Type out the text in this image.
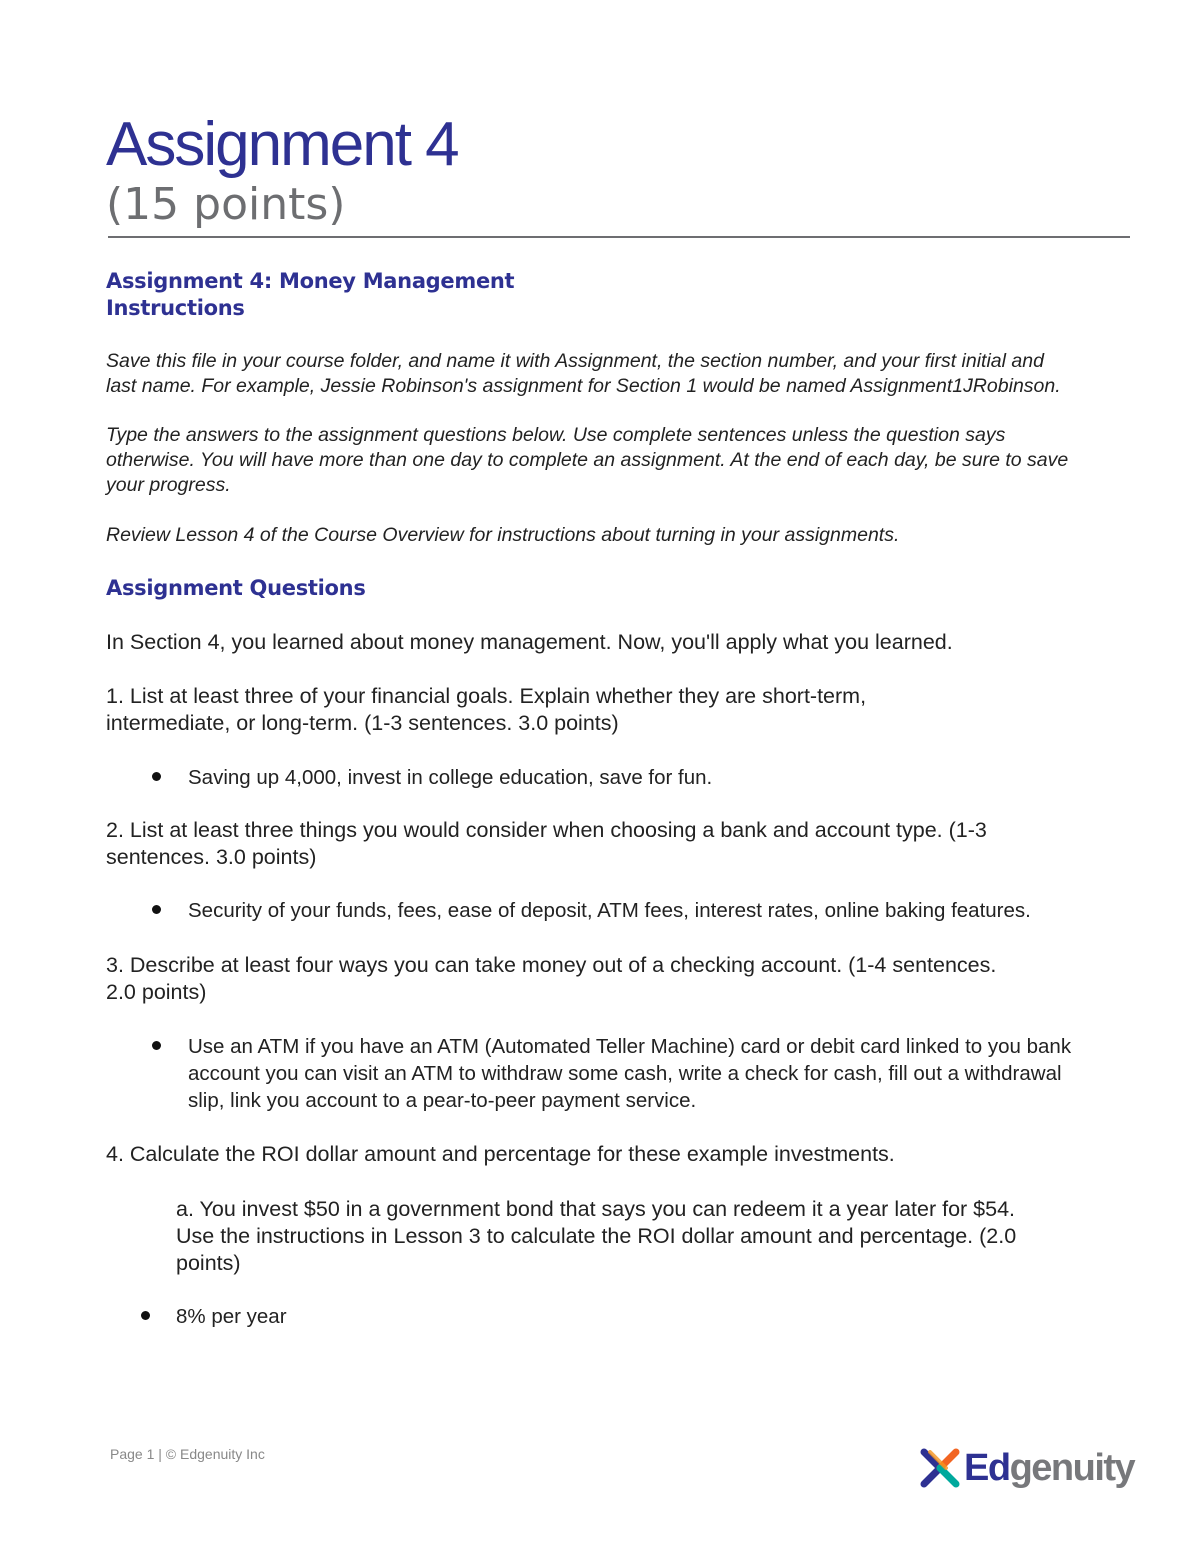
Assignment 4
(15 points)
Assignment 4: Money Management
Instructions
Save this file in your course folder, and name it with Assignment, the section number, and your first initial and last name. For example, Jessie Robinson's assignment for Section 1 would be named Assignment1JRobinson.
Type the answers to the assignment questions below. Use complete sentences unless the question says otherwise. You will have more than one day to complete an assignment. At the end of each day, be sure to save your progress.
Review Lesson 4 of the Course Overview for instructions about turning in your assignments.
Assignment Questions
In Section 4, you learned about money management. Now, you'll apply what you learned.
1. List at least three of your financial goals. Explain whether they are short-term, intermediate, or long-term. (1-3 sentences. 3.0 points)
Saving up 4,000, invest in college education, save for fun.
2. List at least three things you would consider when choosing a bank and account type. (1-3 sentences. 3.0 points)
Security of your funds, fees, ease of deposit, ATM fees, interest rates, online baking features.
3. Describe at least four ways you can take money out of a checking account. (1-4 sentences. 2.0 points)
Use an ATM if you have an ATM (Automated Teller Machine) card or debit card linked to you bank account you can visit an ATM to withdraw some cash, write a check for cash, fill out a withdrawal slip, link you account to a pear-to-peer payment service.
4. Calculate the ROI dollar amount and percentage for these example investments.
a. You invest $50 in a government bond that says you can redeem it a year later for $54. Use the instructions in Lesson 3 to calculate the ROI dollar amount and percentage. (2.0 points)
8% per year
Page 1 | © Edgenuity Inc	Edgenuity
